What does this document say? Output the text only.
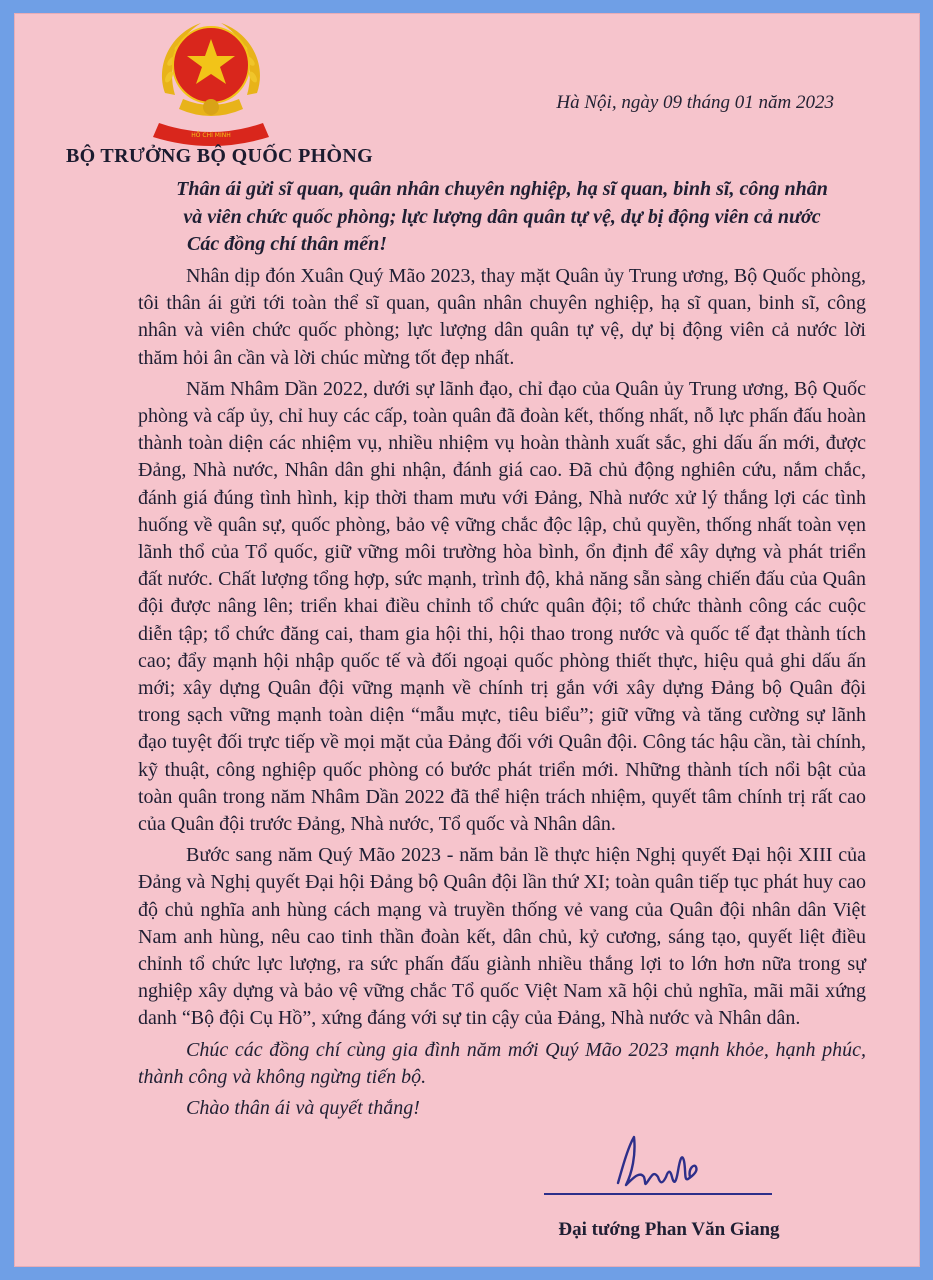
HỒ CHÍ MINH
Hà Nội, ngày 09 tháng 01 năm 2023
BỘ TRƯỞNG BỘ QUỐC PHÒNG
Thân ái gửi sĩ quan, quân nhân chuyên nghiệp, hạ sĩ quan, binh sĩ, công nhân
và viên chức quốc phòng; lực lượng dân quân tự vệ, dự bị động viên cả nước
Các đồng chí thân mến!

Nhân dịp đón Xuân Quý Mão 2023, thay mặt Quân ủy Trung ương, Bộ Quốc phòng, tôi thân ái gửi tới toàn thể sĩ quan, quân nhân chuyên nghiệp, hạ sĩ quan, binh sĩ, công nhân và viên chức quốc phòng; lực lượng dân quân tự vệ, dự bị động viên cả nước lời thăm hỏi ân cần và lời chúc mừng tốt đẹp nhất.

Năm Nhâm Dần 2022, dưới sự lãnh đạo, chỉ đạo của Quân ủy Trung ương, Bộ Quốc phòng và cấp ủy, chỉ huy các cấp, toàn quân đã đoàn kết, thống nhất, nỗ lực phấn đấu hoàn thành toàn diện các nhiệm vụ, nhiều nhiệm vụ hoàn thành xuất sắc, ghi dấu ấn mới, được Đảng, Nhà nước, Nhân dân ghi nhận, đánh giá cao. Đã chủ động nghiên cứu, nắm chắc, đánh giá đúng tình hình, kịp thời tham mưu với Đảng, Nhà nước xử lý thắng lợi các tình huống về quân sự, quốc phòng, bảo vệ vững chắc độc lập, chủ quyền, thống nhất toàn vẹn lãnh thổ của Tổ quốc, giữ vững môi trường hòa bình, ổn định để xây dựng và phát triển đất nước. Chất lượng tổng hợp, sức mạnh, trình độ, khả năng sẵn sàng chiến đấu của Quân đội được nâng lên; triển khai điều chỉnh tổ chức quân đội; tổ chức thành công các cuộc diễn tập; tổ chức đăng cai, tham gia hội thi, hội thao trong nước và quốc tế đạt thành tích cao; đẩy mạnh hội nhập quốc tế và đối ngoại quốc phòng thiết thực, hiệu quả ghi dấu ấn mới; xây dựng Quân đội vững mạnh về chính trị gắn với xây dựng Đảng bộ Quân đội trong sạch vững mạnh toàn diện “mẫu mực, tiêu biểu”; giữ vững và tăng cường sự lãnh đạo tuyệt đối trực tiếp về mọi mặt của Đảng đối với Quân đội. Công tác hậu cần, tài chính, kỹ thuật, công nghiệp quốc phòng có bước phát triển mới. Những thành tích nổi bật của toàn quân trong năm Nhâm Dần 2022 đã thể hiện trách nhiệm, quyết tâm chính trị rất cao của Quân đội trước Đảng, Nhà nước, Tổ quốc và Nhân dân.

Bước sang năm Quý Mão 2023 - năm bản lề thực hiện Nghị quyết Đại hội XIII của Đảng và Nghị quyết Đại hội Đảng bộ Quân đội lần thứ XI; toàn quân tiếp tục phát huy cao độ chủ nghĩa anh hùng cách mạng và truyền thống vẻ vang của Quân đội nhân dân Việt Nam anh hùng, nêu cao tinh thần đoàn kết, dân chủ, kỷ cương, sáng tạo, quyết liệt điều chỉnh tổ chức lực lượng, ra sức phấn đấu giành nhiều thắng lợi to lớn hơn nữa trong sự nghiệp xây dựng và bảo vệ vững chắc Tổ quốc Việt Nam xã hội chủ nghĩa, mãi mãi xứng danh “Bộ đội Cụ Hồ”, xứng đáng với sự tin cậy của Đảng, Nhà nước và Nhân dân.

Chúc các đồng chí cùng gia đình năm mới Quý Mão 2023 mạnh khỏe, hạnh phúc, thành công và không ngừng tiến bộ.

Chào thân ái và quyết thắng!

Đại tướng Phan Văn Giang
